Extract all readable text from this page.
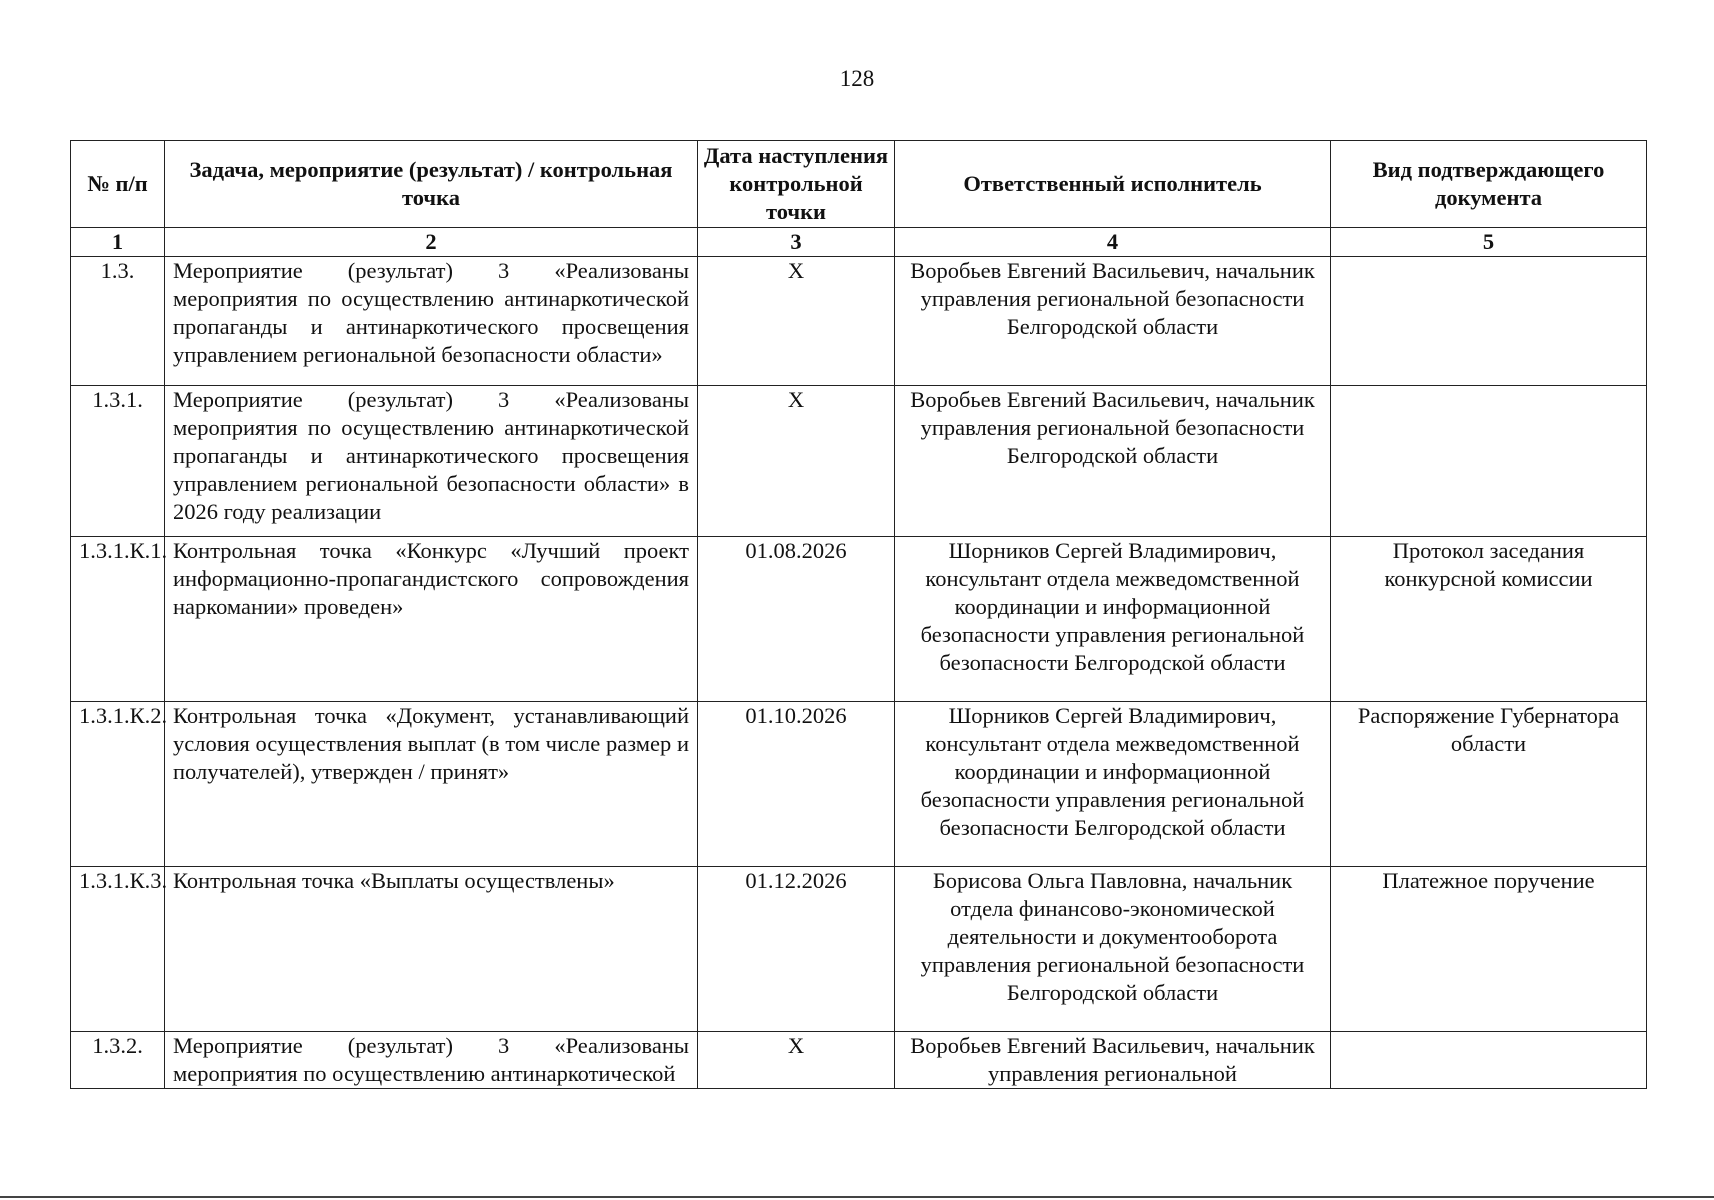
128
№ п/п	Задача, мероприятие (результат) / контрольная точка	Дата наступления контрольной точки	Ответственный исполнитель	Вид подтверждающего документа
1	2	3	4	5
1.3.	Мероприятие (результат) 3 «Реализованы мероприятия по осуществлению антинаркотической пропаганды и антинаркотического просвещения управлением региональной безопасности области»	Х	Воробьев Евгений Васильевич, начальник управления региональной безопасности Белгородской области	
1.3.1.	Мероприятие (результат) 3 «Реализованы мероприятия по осуществлению антинаркотической пропаганды и антинаркотического просвещения управлением региональной безопасности области» в 2026 году реализации	Х	Воробьев Евгений Васильевич, начальник управления региональной безопасности Белгородской области	
1.3.1.К.1.	Контрольная точка «Конкурс «Лучший проект информационно-пропагандистского сопровождения наркомании» проведен»	01.08.2026	Шорников Сергей Владимирович, консультант отдела межведомственной координации и информационной безопасности управления региональной безопасности Белгородской области	Протокол заседания конкурсной комиссии
1.3.1.К.2.	Контрольная точка «Документ, устанавливающий условия осуществления выплат (в том числе размер и получателей), утвержден / принят»	01.10.2026	Шорников Сергей Владимирович, консультант отдела межведомственной координации и информационной безопасности управления региональной безопасности Белгородской области	Распоряжение Губернатора области
1.3.1.К.3.	Контрольная точка «Выплаты осуществлены»	01.12.2026	Борисова Ольга Павловна, начальник отдела финансово-экономической деятельности и документооборота управления региональной безопасности Белгородской области	Платежное поручение
1.3.2.	Мероприятие (результат) 3 «Реализованы мероприятия по осуществлению антинаркотической	Х	Воробьев Евгений Васильевич, начальник управления региональной	
